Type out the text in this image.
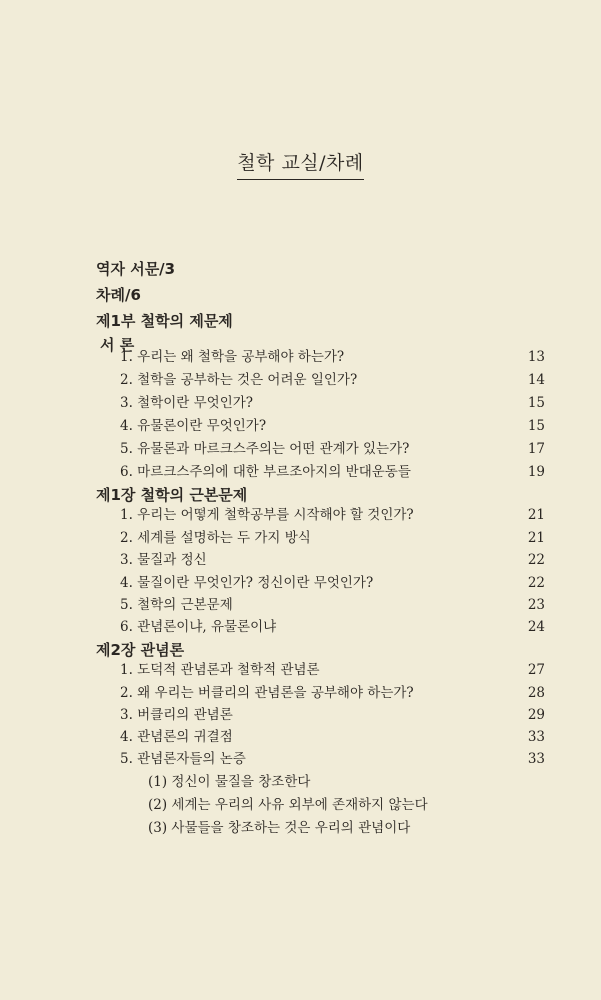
철학 교실/차례
역자 서문/3
차례/6
제1부 철학의 제문제
서 론
1. 우리는 왜 철학을 공부해야 하는가?	13
2. 철학을 공부하는 것은 어려운 일인가?	14
3. 철학이란 무엇인가?	15
4. 유물론이란 무엇인가?	15
5. 유물론과 마르크스주의는 어떤 관계가 있는가?	17
6. 마르크스주의에 대한 부르조아지의 반대운동들	19
제1장 철학의 근본문제
1. 우리는 어떻게 철학공부를 시작해야 할 것인가?	21
2. 세계를 설명하는 두 가지 방식	21
3. 물질과 정신	22
4. 물질이란 무엇인가? 정신이란 무엇인가?	22
5. 철학의 근본문제	23
6. 관념론이냐, 유물론이냐	24
제2장 관념론
1. 도덕적 관념론과 철학적 관념론	27
2. 왜 우리는 버클리의 관념론을 공부해야 하는가?	28
3. 버클리의 관념론	29
4. 관념론의 귀결점	33
5. 관념론자들의 논증	33
(1) 정신이 물질을 창조한다
(2) 세계는 우리의 사유 외부에 존재하지 않는다
(3) 사물들을 창조하는 것은 우리의 관념이다
